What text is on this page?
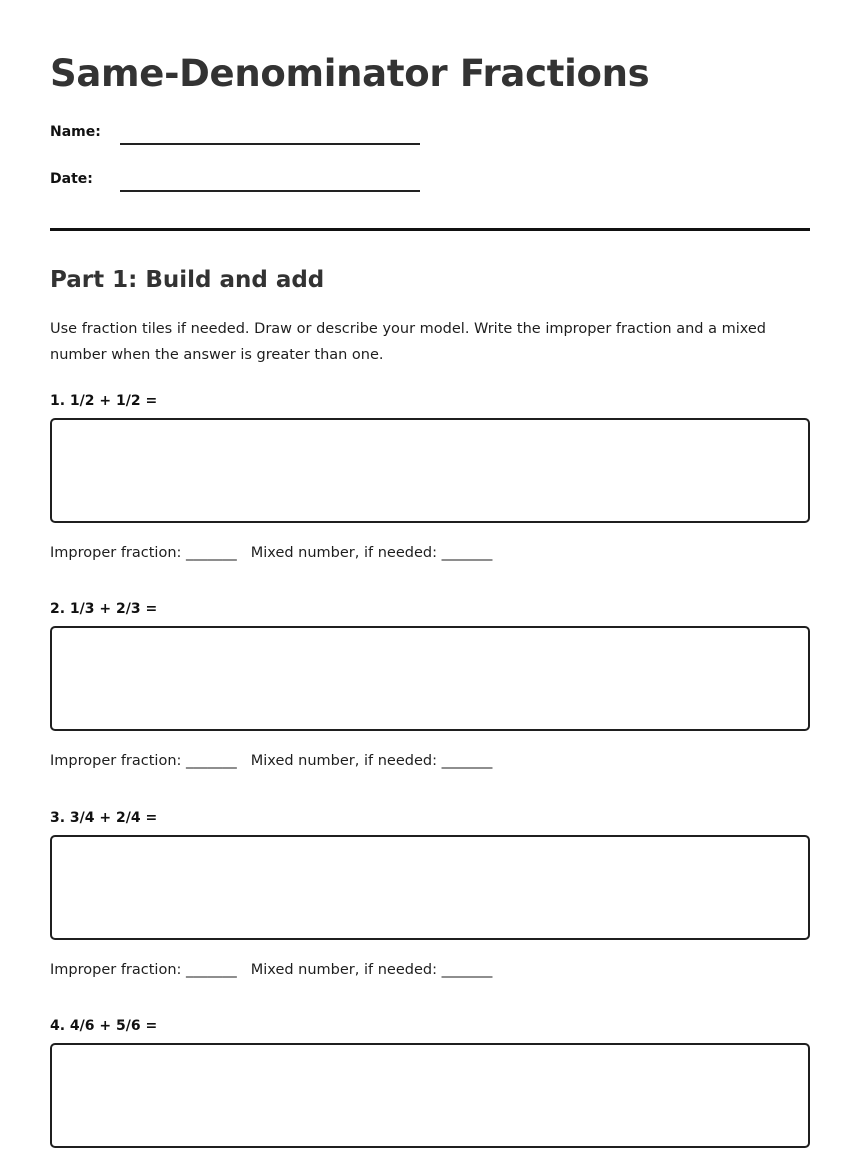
Same-Denominator Fractions
Name:
Date:
Part 1: Build and add

Use fraction tiles if needed. Draw or describe your model. Write the improper fraction and a mixed number when the answer is greater than one.

1. 1/2 + 1/2 =
Improper fraction: _______ Mixed number, if needed: _______
2. 1/3 + 2/3 =
Improper fraction: _______ Mixed number, if needed: _______
3. 3/4 + 2/4 =
Improper fraction: _______ Mixed number, if needed: _______
4. 4/6 + 5/6 =
